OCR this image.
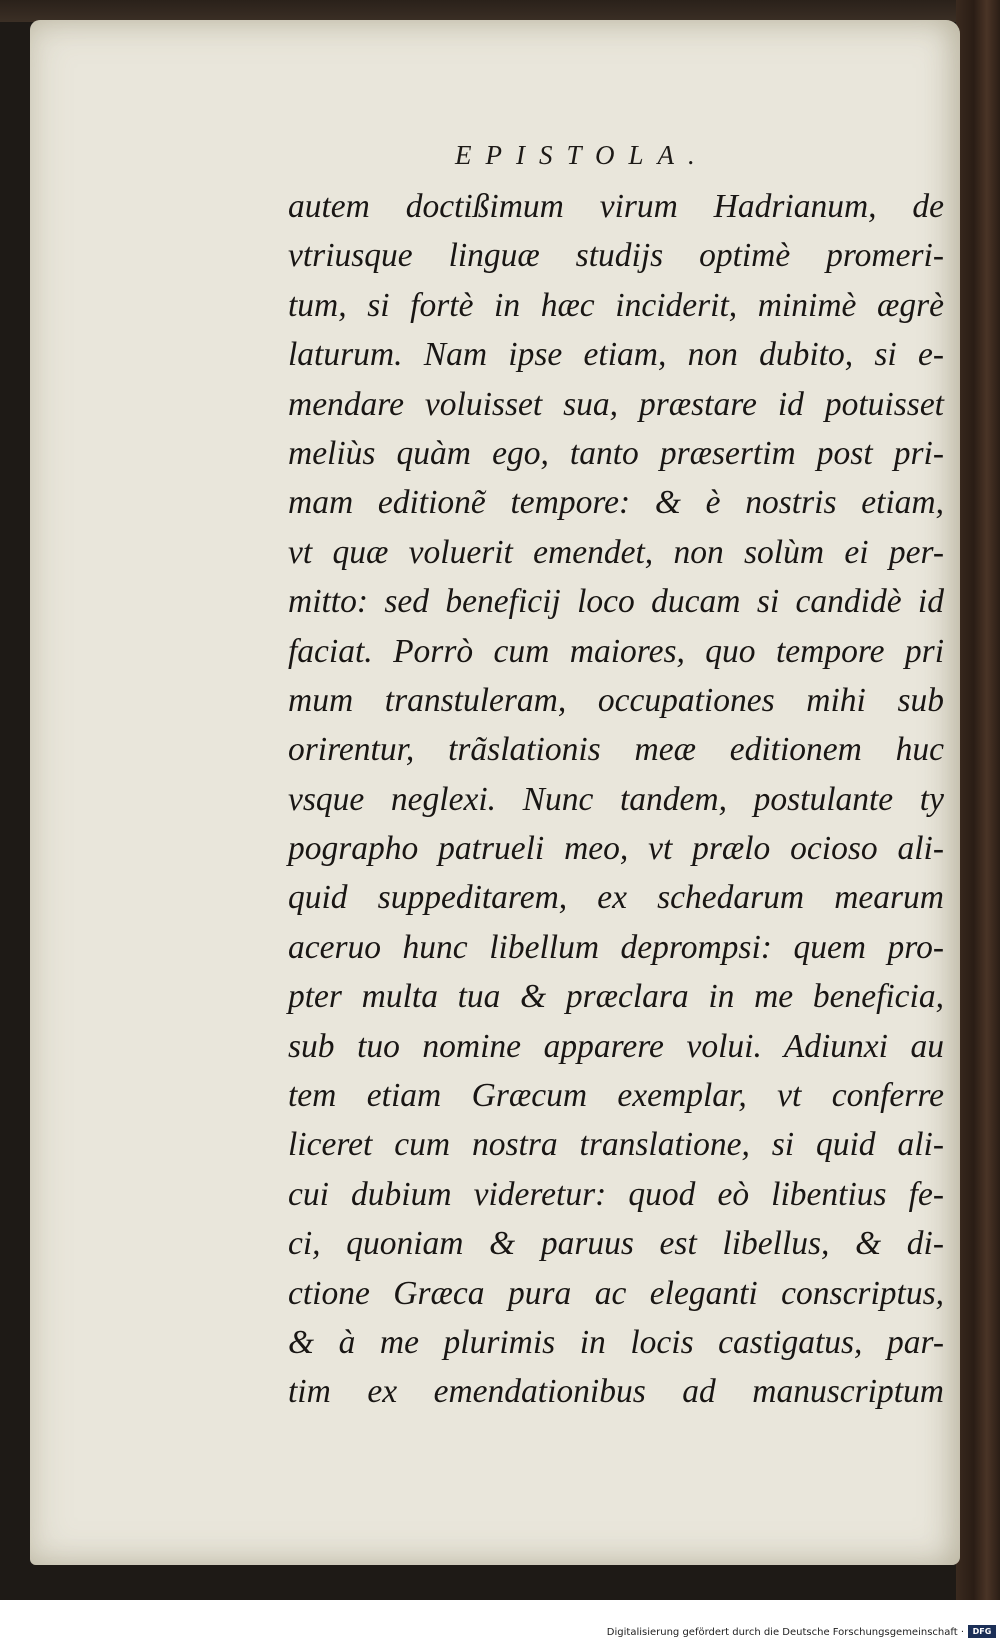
EPISTOLA.
autem doctißimum virum Hadrianum, de
vtriusque linguæ studijs optimè promeri-
tum, si fortè in hæc inciderit, minimè ægrè
laturum. Nam ipse etiam, non dubito, si e-
mendare voluisset sua, præstare id potuisset
meliùs quàm ego, tanto præsertim post pri-
mam editionẽ tempore: & è nostris etiam,
vt quæ voluerit emendet, non solùm ei per-
mitto: sed beneficij loco ducam si candidè id
faciat. Porrò cum maiores, quo tempore pri
mum transtuleram, occupationes mihi sub
orirentur, trãslationis meæ editionem huc
vsque neglexi. Nunc tandem, postulante ty
pographo patrueli meo, vt prælo ocioso ali-
quid suppeditarem, ex schedarum mearum
aceruo hunc libellum deprompsi: quem pro-
pter multa tua & præclara in me beneficia,
sub tuo nomine apparere volui. Adiunxi au
tem etiam Græcum exemplar, vt conferre
liceret cum nostra translatione, si quid ali-
cui dubium videretur: quod eò libentius fe-
ci, quoniam & paruus est libellus, & di-
ctione Græca pura ac eleganti conscriptus,
& à me plurimis in locis castigatus, par-
tim ex emendationibus ad manuscriptum
Digitalisierung gefördert durch die Deutsche Forschungsgemeinschaft ·	DFG
